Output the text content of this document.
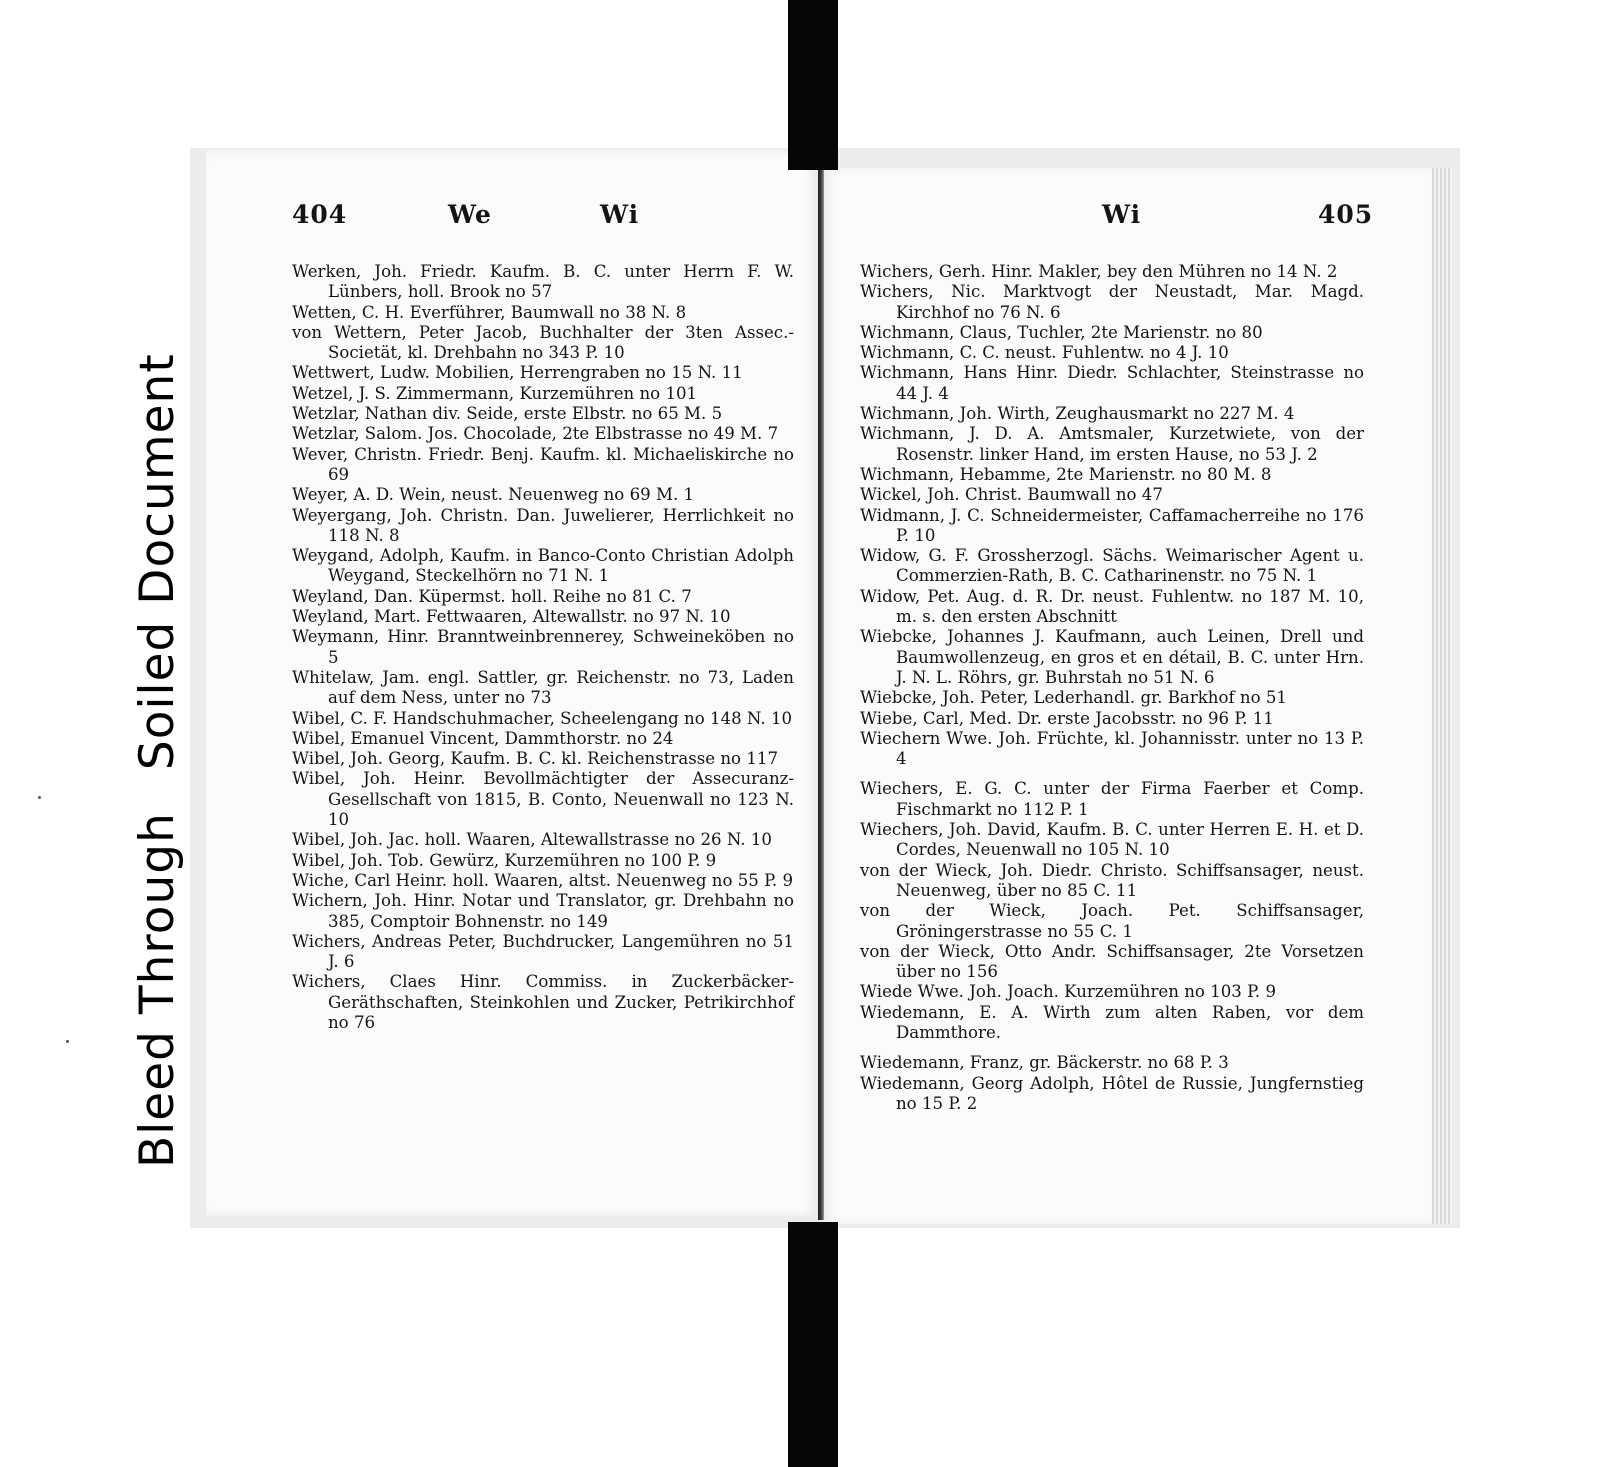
Bleed Through
Soiled Document
404	We	Wi	Wi	405
Werken, Joh. Friedr. Kaufm. B. C. unter Herrn F. W. Lünbers, holl. Brook no 57
Wetten, C. H. Everführer, Baumwall no 38 N. 8
von Wettern, Peter Jacob, Buchhalter der 3ten Assec.-Societät, kl. Drehbahn no 343 P. 10
Wettwert, Ludw. Mobilien, Herrengraben no 15 N. 11
Wetzel, J. S. Zimmermann, Kurzemühren no 101
Wetzlar, Nathan div. Seide, erste Elbstr. no 65 M. 5
Wetzlar, Salom. Jos. Chocolade, 2te Elbstrasse no 49 M. 7
Wever, Christn. Friedr. Benj. Kaufm. kl. Michaeliskirche no 69
Weyer, A. D. Wein, neust. Neuenweg no 69 M. 1
Weyergang, Joh. Christn. Dan. Juwelierer, Herrlichkeit no 118 N. 8
Weygand, Adolph, Kaufm. in Banco-Conto Christian Adolph Weygand, Steckelhörn no 71 N. 1
Weyland, Dan. Küpermst. holl. Reihe no 81 C. 7
Weyland, Mart. Fettwaaren, Altewallstr. no 97 N. 10
Weymann, Hinr. Branntweinbrennerey, Schweineköben no 5
Whitelaw, Jam. engl. Sattler, gr. Reichenstr. no 73, Laden auf dem Ness, unter no 73
Wibel, C. F. Handschuhmacher, Scheelengang no 148 N. 10
Wibel, Emanuel Vincent, Dammthorstr. no 24
Wibel, Joh. Georg, Kaufm. B. C. kl. Reichenstrasse no 117
Wibel, Joh. Heinr. Bevollmächtigter der Assecuranz-Gesellschaft von 1815, B. Conto, Neuenwall no 123 N. 10
Wibel, Joh. Jac. holl. Waaren, Altewallstrasse no 26 N. 10
Wibel, Joh. Tob. Gewürz, Kurzemühren no 100 P. 9
Wiche, Carl Heinr. holl. Waaren, altst. Neuenweg no 55 P. 9
Wichern, Joh. Hinr. Notar und Translator, gr. Drehbahn no 385, Comptoir Bohnenstr. no 149
Wichers, Andreas Peter, Buchdrucker, Langemühren no 51 J. 6
Wichers, Claes Hinr. Commiss. in Zuckerbäcker-Geräthschaften, Steinkohlen und Zucker, Petrikirchhof no 76
Wichers, Gerh. Hinr. Makler, bey den Mühren no 14 N. 2
Wichers, Nic. Marktvogt der Neustadt, Mar. Magd. Kirchhof no 76 N. 6
Wichmann, Claus, Tuchler, 2te Marienstr. no 80
Wichmann, C. C. neust. Fuhlentw. no 4 J. 10
Wichmann, Hans Hinr. Diedr. Schlachter, Steinstrasse no 44 J. 4
Wichmann, Joh. Wirth, Zeughausmarkt no 227 M. 4
Wichmann, J. D. A. Amtsmaler, Kurzetwiete, von der Rosenstr. linker Hand, im ersten Hause, no 53 J. 2
Wichmann, Hebamme, 2te Marienstr. no 80 M. 8
Wickel, Joh. Christ. Baumwall no 47
Widmann, J. C. Schneidermeister, Caffamacherreihe no 176 P. 10
Widow, G. F. Grossherzogl. Sächs. Weimarischer Agent u. Commerzien-Rath, B. C. Catharinenstr. no 75 N. 1
Widow, Pet. Aug. d. R. Dr. neust. Fuhlentw. no 187 M. 10, m. s. den ersten Abschnitt
Wiebcke, Johannes J. Kaufmann, auch Leinen, Drell und Baumwollenzeug, en gros et en détail, B. C. unter Hrn. J. N. L. Röhrs, gr. Buhrstah no 51 N. 6
Wiebcke, Joh. Peter, Lederhandl. gr. Barkhof no 51
Wiebe, Carl, Med. Dr. erste Jacobsstr. no 96 P. 11
Wiechern Wwe. Joh. Früchte, kl. Johannisstr. unter no 13 P. 4
Wiechers, E. G. C. unter der Firma Faerber et Comp. Fischmarkt no 112 P. 1
Wiechers, Joh. David, Kaufm. B. C. unter Herren E. H. et D. Cordes, Neuenwall no 105 N. 10
von der Wieck, Joh. Diedr. Christo. Schiffsansager, neust. Neuenweg, über no 85 C. 11
von der Wieck, Joach. Pet. Schiffsansager, Gröningerstrasse no 55 C. 1
von der Wieck, Otto Andr. Schiffsansager, 2te Vorsetzen über no 156
Wiede Wwe. Joh. Joach. Kurzemühren no 103 P. 9
Wiedemann, E. A. Wirth zum alten Raben, vor dem Dammthore.
Wiedemann, Franz, gr. Bäckerstr. no 68 P. 3
Wiedemann, Georg Adolph, Hôtel de Russie, Jungfernstieg no 15 P. 2
